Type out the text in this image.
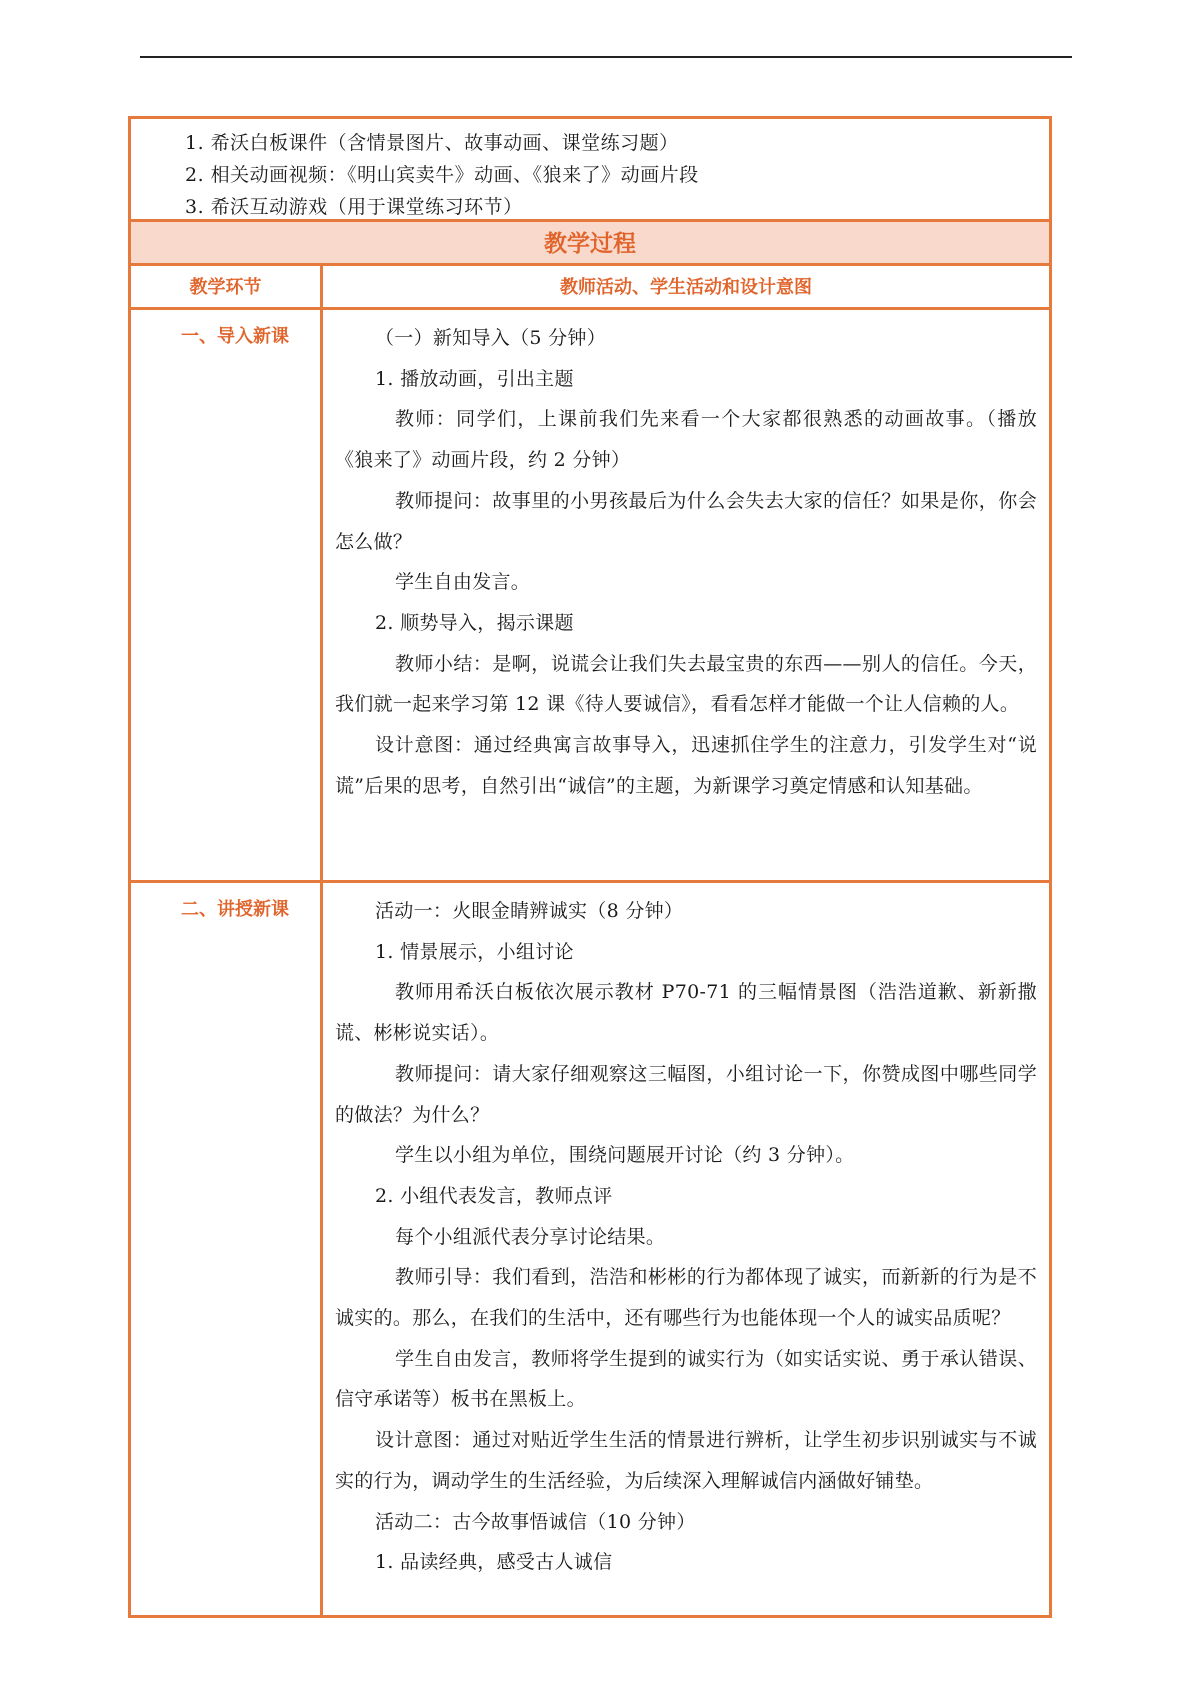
1. 希沃白板课件（含情景图片、故事动画、课堂练习题）
2. 相关动画视频：《明山宾卖牛》动画、《狼来了》动画片段
3. 希沃互动游戏（用于课堂练习环节）
教学过程
教学环节	教师活动、学生活动和设计意图
一、导入新课	（一）新知导入（5 分钟）
1. 播放动画，引出主题
教师：同学们，上课前我们先来看一个大家都很熟悉的动画故事。（播放《狼来了》动画片段，约 2 分钟）
教师提问：故事里的小男孩最后为什么会失去大家的信任？如果是你，你会怎么做？
学生自由发言。
2. 顺势导入，揭示课题
教师小结：是啊，说谎会让我们失去最宝贵的东西——别人的信任。今天，我们就一起来学习第 12 课《待人要诚信》，看看怎样才能做一个让人信赖的人。
设计意图：通过经典寓言故事导入，迅速抓住学生的注意力，引发学生对“说谎”后果的思考，自然引出“诚信”的主题，为新课学习奠定情感和认知基础。
二、讲授新课	活动一：火眼金睛辨诚实（8 分钟）
1. 情景展示，小组讨论
教师用希沃白板依次展示教材 P70-71 的三幅情景图（浩浩道歉、新新撒谎、彬彬说实话）。
教师提问：请大家仔细观察这三幅图，小组讨论一下，你赞成图中哪些同学的做法？为什么？
学生以小组为单位，围绕问题展开讨论（约 3 分钟）。
2. 小组代表发言，教师点评
每个小组派代表分享讨论结果。
教师引导：我们看到，浩浩和彬彬的行为都体现了诚实，而新新的行为是不诚实的。那么，在我们的生活中，还有哪些行为也能体现一个人的诚实品质呢？
学生自由发言，教师将学生提到的诚实行为（如实话实说、勇于承认错误、信守承诺等）板书在黑板上。
设计意图：通过对贴近学生生活的情景进行辨析，让学生初步识别诚实与不诚实的行为，调动学生的生活经验，为后续深入理解诚信内涵做好铺垫。
活动二：古今故事悟诚信（10 分钟）
1. 品读经典，感受古人诚信
